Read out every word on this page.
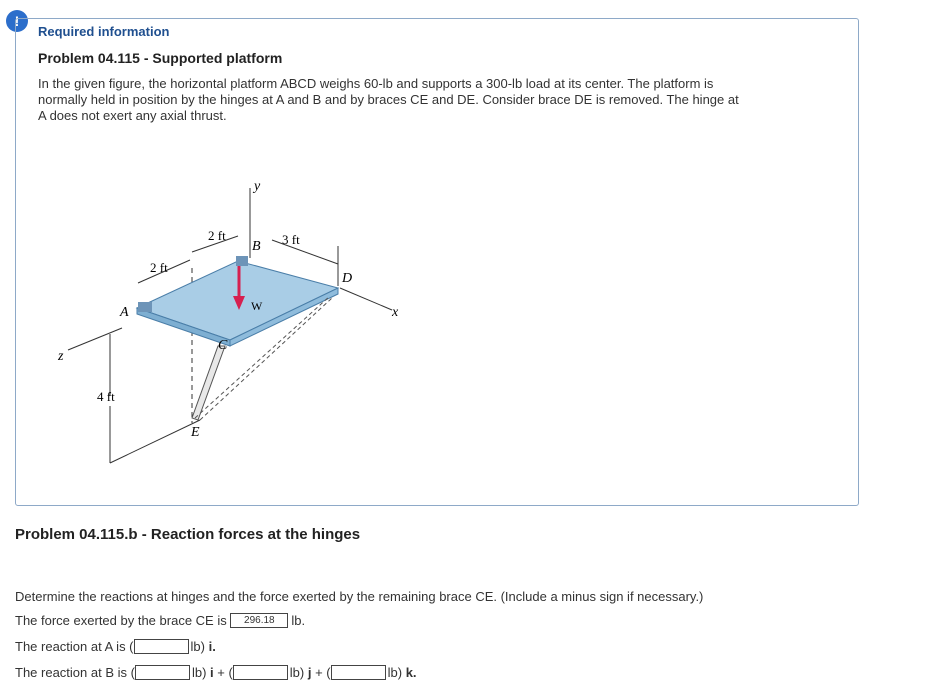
!
Required information
Problem 04.115 - Supported platform
In the given figure, the horizontal platform ABCD weighs 60-lb and supports a 300-lb load at its center. The platform is
normally held in position by the hinges at A and B and by braces CE and DE. Consider brace DE is removed. The hinge at
A does not exert any axial thrust.
y
x
z
A
B
C
D
E
W
2 ft
2 ft	3 ft
4 ft
Problem 04.115.b - Reaction forces at the hinges
Determine the reactions at hinges and the force exerted by the remaining brace CE. (Include a minus sign if necessary.)
The force exerted by the brace CE is	296.18	lb.
The reaction at A is (	lb) i.
The reaction at B is (	lb) i + (	lb) j + (	lb) k.
